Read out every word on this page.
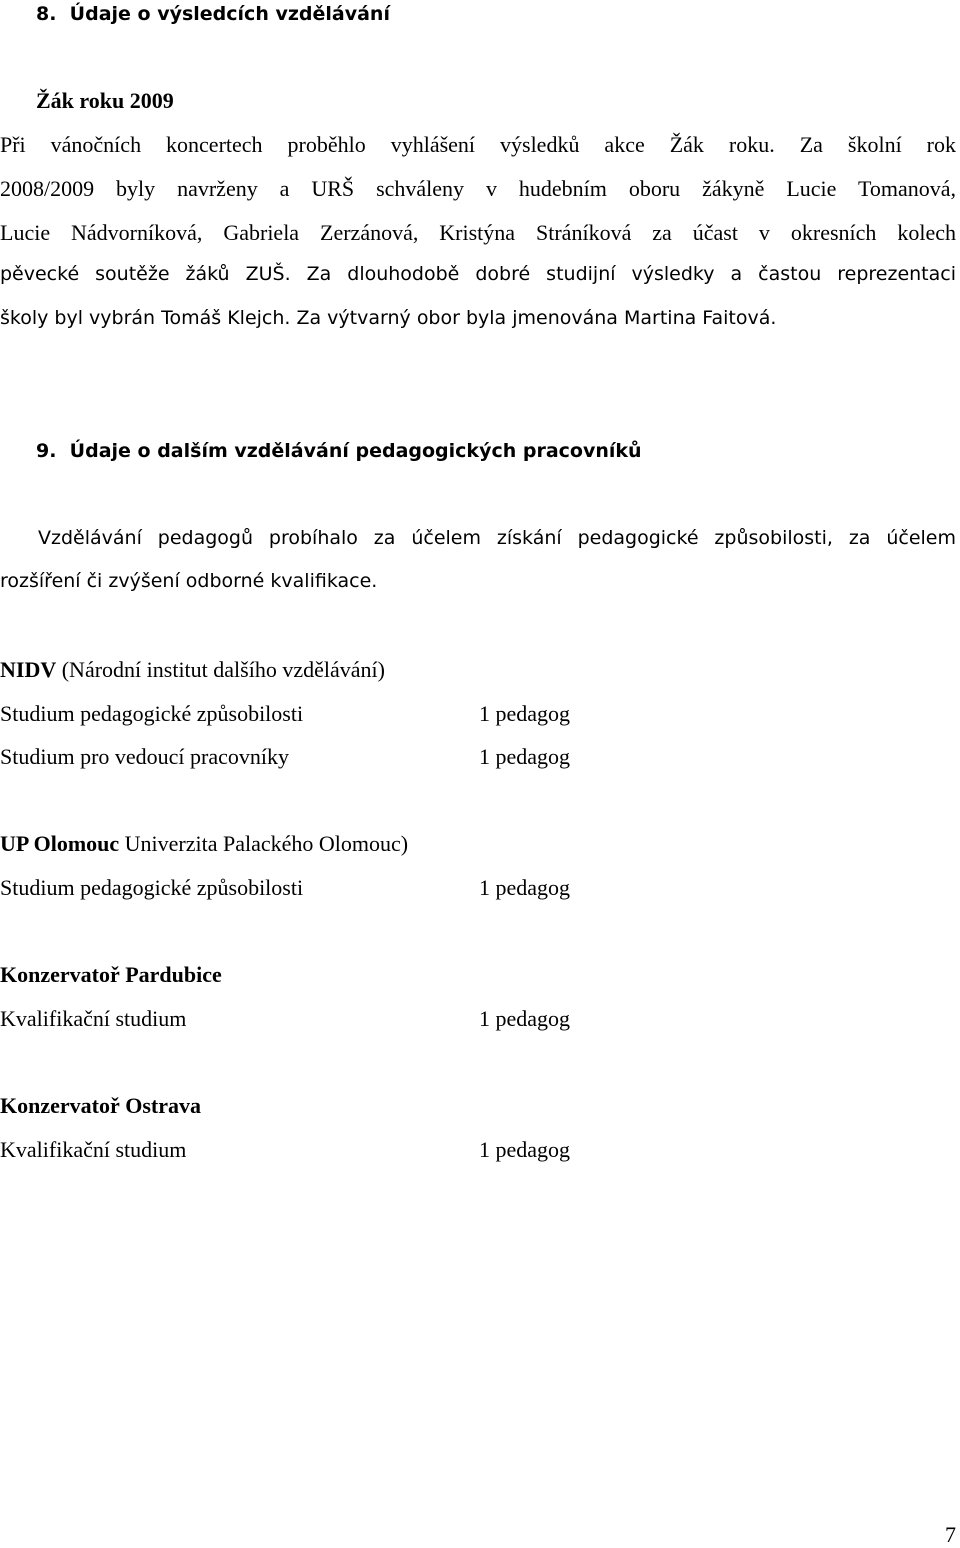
8.  Údaje o výsledcích vzdělávání
Žák roku 2009
Při vánočních koncertech proběhlo vyhlášení výsledků akce Žák roku. Za školní rok
2008/2009 byly navrženy a URŠ schváleny v hudebním oboru žákyně Lucie Tomanová,
Lucie Nádvorníková, Gabriela Zerzánová, Kristýna Stráníková za účast v okresních kolech
pěvecké soutěže žáků ZUŠ. Za dlouhodobě dobré studijní výsledky a častou reprezentaci
školy byl vybrán Tomáš Klejch. Za výtvarný obor byla jmenována Martina Faitová.
9.  Údaje o dalším vzdělávání pedagogických pracovníků
Vzdělávání pedagogů probíhalo za účelem získání pedagogické způsobilosti, za účelem
rozšíření či zvýšení odborné kvalifikace.
NIDV (Národní institut dalšího vzdělávání)
Studium pedagogické způsobilosti	1 pedagog
Studium pro vedoucí pracovníky	1 pedagog
UP Olomouc Univerzita Palackého Olomouc)
Studium pedagogické způsobilosti	1 pedagog
Konzervatoř Pardubice
Kvalifikační studium	1 pedagog
Konzervatoř Ostrava
Kvalifikační studium	1 pedagog
7
